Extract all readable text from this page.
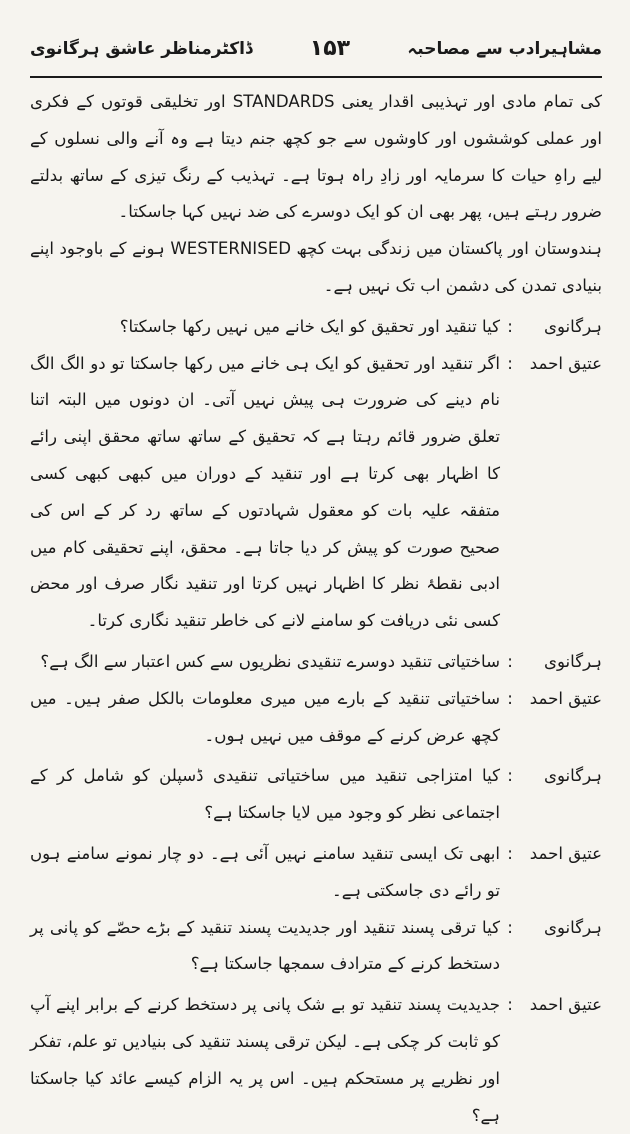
مشاہیرادب سے مصاحبہ
۱۵۳
ڈاکٹرمناظر عاشق ہرگانوی

کی تمام مادی اور تہذیبی اقدار یعنی STANDARDS اور تخلیقی قوتوں کے فکری اور عملی کوششوں اور کاوشوں سے جو کچھ جنم دیتا ہے وہ آنے والی نسلوں کے لیے راہِ حیات کا سرمایہ اور زادِ راہ ہوتا ہے۔ تہذیب کے رنگ تیزی کے ساتھ بدلتے ضرور رہتے ہیں، پھر بھی ان کو ایک دوسرے کی ضد نہیں کہا جاسکتا۔

ہندوستان اور پاکستان میں زندگی بہت کچھ WESTERNISED ہونے کے باوجود اپنے بنیادی تمدن کی دشمن اب تک نہیں ہے۔

ہرگانوی
:
کیا تنقید اور تحقیق کو ایک خانے میں نہیں رکھا جاسکتا؟
عتیق احمد
:
اگر تنقید اور تحقیق کو ایک ہی خانے میں رکھا جاسکتا تو دو الگ الگ نام دینے کی ضرورت ہی پیش نہیں آتی۔ ان دونوں میں البتہ اتنا تعلق ضرور قائم رہتا ہے کہ تحقیق کے ساتھ ساتھ محقق اپنی رائے کا اظہار بھی کرتا ہے اور تنقید کے دوران میں کبھی کبھی کسی متفقہ علیہ بات کو معقول شہادتوں کے ساتھ رد کر کے اس کی صحیح صورت کو پیش کر دیا جاتا ہے۔ محقق، اپنے تحقیقی کام میں ادبی نقطۂ نظر کا اظہار نہیں کرتا اور تنقید نگار صرف اور محض کسی نئی دریافت کو سامنے لانے کی خاطر تنقید نگاری کرتا۔
ہرگانوی
:
ساختیاتی تنقید دوسرے تنقیدی نظریوں سے کس اعتبار سے الگ ہے؟
عتیق احمد
:
ساختیاتی تنقید کے بارے میں میری معلومات بالکل صفر ہیں۔ میں کچھ عرض کرنے کے موقف میں نہیں ہوں۔
ہرگانوی
:
کیا امتزاجی تنقید میں ساختیاتی تنقیدی ڈسپلن کو شامل کر کے اجتماعی نظر کو وجود میں لایا جاسکتا ہے؟
عتیق احمد
:
ابھی تک ایسی تنقید سامنے نہیں آئی ہے۔ دو چار نمونے سامنے ہوں تو رائے دی جاسکتی ہے۔
ہرگانوی
:
کیا ترقی پسند تنقید اور جدیدیت پسند تنقید کے بڑے حصّے کو پانی پر دستخط کرنے کے مترادف سمجھا جاسکتا ہے؟
عتیق احمد
:
جدیدیت پسند تنقید تو بے شک پانی پر دستخط کرنے کے برابر اپنے آپ کو ثابت کر چکی ہے۔ لیکن ترقی پسند تنقید کی بنیادیں تو علم، تفکر اور نظریے پر مستحکم ہیں۔ اس پر یہ الزام کیسے عائد کیا جاسکتا ہے؟
